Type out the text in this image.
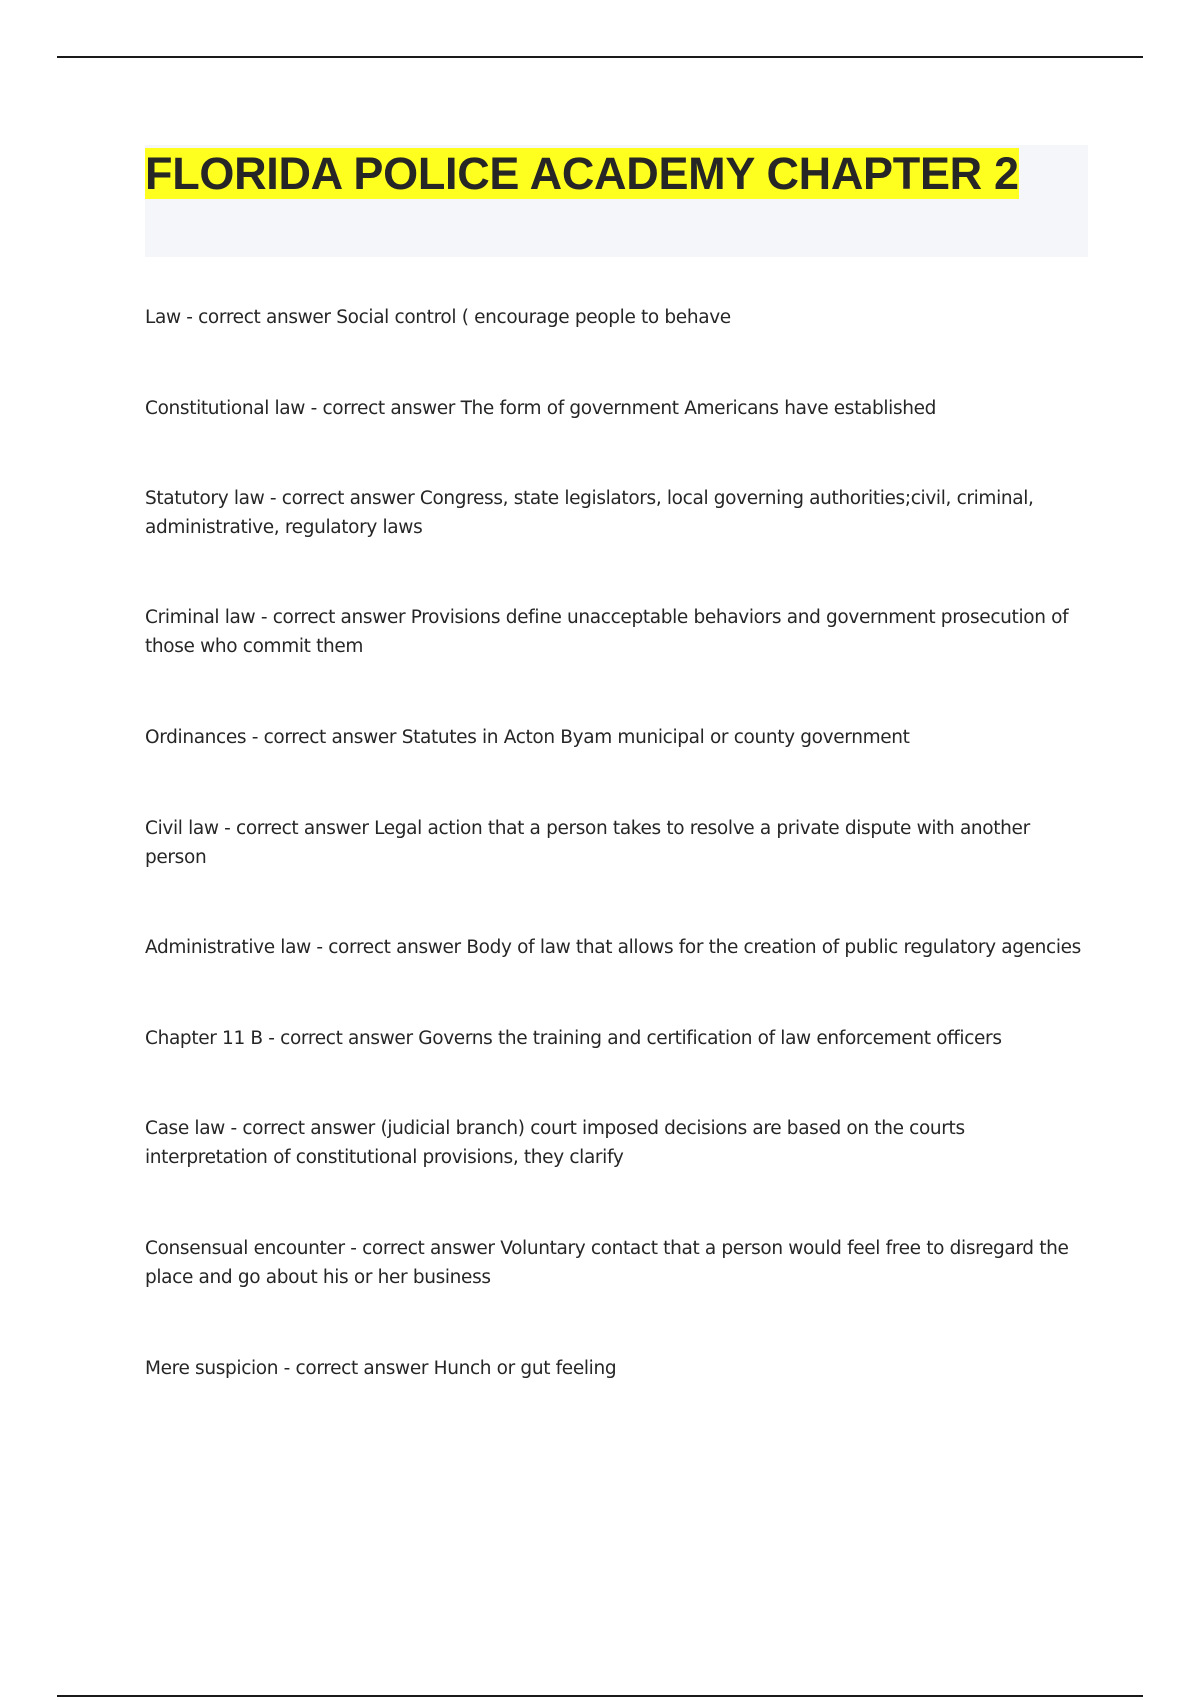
FLORIDA POLICE ACADEMY CHAPTER 2

Law - correct answer Social control ( encourage people to behave

Constitutional law - correct answer The form of government Americans have established

Statutory law - correct answer Congress, state legislators, local governing authorities;civil, criminal, administrative, regulatory laws

Criminal law - correct answer Provisions define unacceptable behaviors and government prosecution of those who commit them

Ordinances - correct answer Statutes in Acton Byam municipal or county government

Civil law - correct answer Legal action that a person takes to resolve a private dispute with another person

Administrative law - correct answer Body of law that allows for the creation of public regulatory agencies

Chapter 11 B - correct answer Governs the training and certification of law enforcement officers

Case law - correct answer (judicial branch) court imposed decisions are based on the courts interpretation of constitutional provisions, they clarify

Consensual encounter - correct answer Voluntary contact that a person would feel free to disregard the place and go about his or her business

Mere suspicion - correct answer Hunch or gut feeling
